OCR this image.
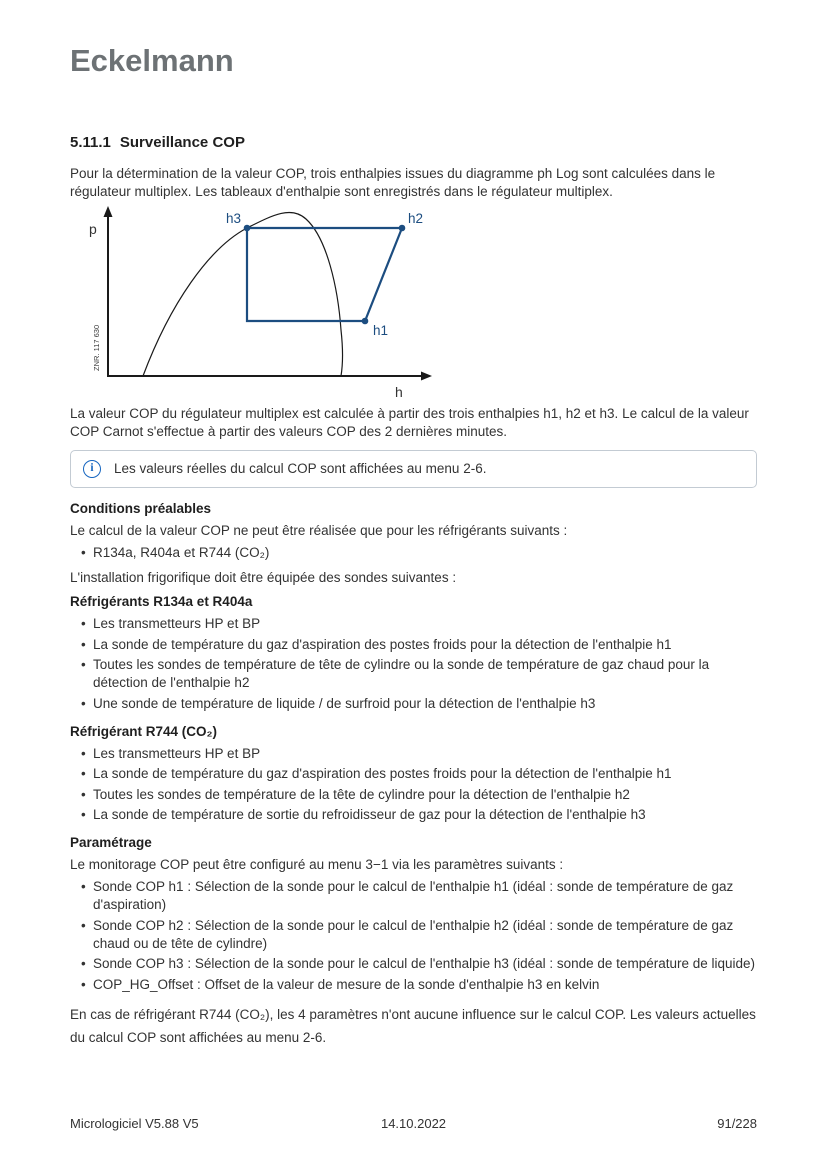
Eckelmann
5.11.1 Surveillance COP

Pour la détermination de la valeur COP, trois enthalpies issues du diagramme ph Log sont calculées dans le régulateur multiplex. Les tableaux d'enthalpie sont enregistrés dans le régulateur multiplex.

p
h
h3	h2
h1
ZNR. 117 630

La valeur COP du régulateur multiplex est calculée à partir des trois enthalpies h1, h2 et h3. Le calcul de la valeur COP Carnot s'effectue à partir des valeurs COP des 2 dernières minutes.

i
Les valeurs réelles du calcul COP sont affichées au menu 2-6.
Conditions préalables

Le calcul de la valeur COP ne peut être réalisée que pour les réfrigérants suivants :

• R134a, R404a et R744 (CO₂)

L'installation frigorifique doit être équipée des sondes suivantes :

Réfrigérants R134a et R404a
• Les transmetteurs HP et BP
• La sonde de température du gaz d'aspiration des postes froids pour la détection de l'enthalpie h1
• Toutes les sondes de température de tête de cylindre ou la sonde de température de gaz chaud pour la détection de l'enthalpie h2
• Une sonde de température de liquide / de surfroid pour la détection de l'enthalpie h3
Réfrigérant R744 (CO₂)
• Les transmetteurs HP et BP
• La sonde de température du gaz d'aspiration des postes froids pour la détection de l'enthalpie h1
• Toutes les sondes de température de la tête de cylindre pour la détection de l'enthalpie h2
• La sonde de température de sortie du refroidisseur de gaz pour la détection de l'enthalpie h3
Paramétrage

Le monitorage COP peut être configuré au menu 3−1 via les paramètres suivants :

• Sonde COP h1 : Sélection de la sonde pour le calcul de l'enthalpie h1 (idéal : sonde de température de gaz d'aspiration)
• Sonde COP h2 : Sélection de la sonde pour le calcul de l'enthalpie h2 (idéal : sonde de température de gaz chaud ou de tête de cylindre)
• Sonde COP h3 : Sélection de la sonde pour le calcul de l'enthalpie h3 (idéal : sonde de température de liquide)
• COP_HG_Offset : Offset de la valeur de mesure de la sonde d'enthalpie h3 en kelvin

En cas de réfrigérant R744 (CO₂), les 4 paramètres n'ont aucune influence sur le calcul COP. Les valeurs actuelles du calcul COP sont affichées au menu 2-6.

Micrologiciel V5.88 V5	14.10.2022	91/228
